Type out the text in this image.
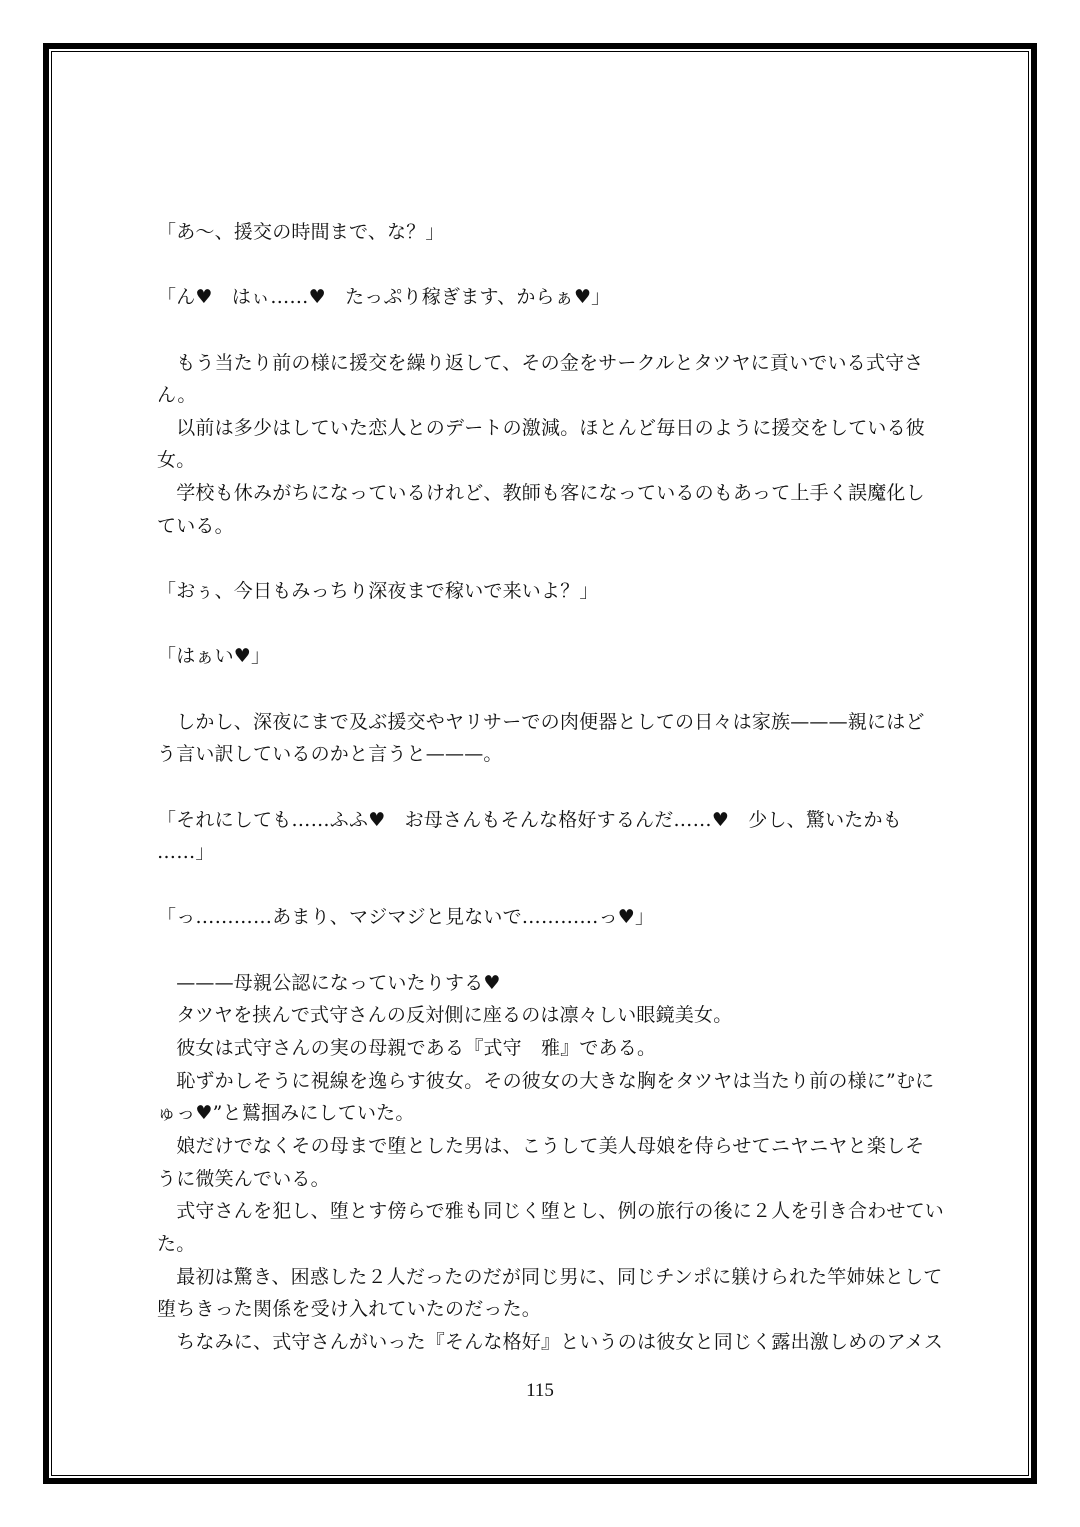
「あ〜、援交の時間まで、な？」
「ん♥　はぃ……♥　たっぷり稼ぎます、からぁ♥」
　もう当たり前の様に援交を繰り返して、その金をサークルとタツヤに貢いでいる式守さ
ん。
　以前は多少はしていた恋人とのデートの激減。ほとんど毎日のように援交をしている彼
女。
　学校も休みがちになっているけれど、教師も客になっているのもあって上手く誤魔化し
ている。
「おぅ、今日もみっちり深夜まで稼いで来いよ？」
「はぁい♥」
　しかし、深夜にまで及ぶ援交やヤリサーでの肉便器としての日々は家族———親にはど
う言い訳しているのかと言うと———。
「それにしても……ふふ♥　お母さんもそんな格好するんだ……♥　少し、驚いたかも
……」
「っ…………あまり、マジマジと見ないで…………っ♥」
　———母親公認になっていたりする♥
　タツヤを挟んで式守さんの反対側に座るのは凛々しい眼鏡美女。
　彼女は式守さんの実の母親である『式守　雅』である。
　恥ずかしそうに視線を逸らす彼女。その彼女の大きな胸をタツヤは当たり前の様に”むに
ゅっ♥”と鷲掴みにしていた。
　娘だけでなくその母まで堕とした男は、こうして美人母娘を侍らせてニヤニヤと楽しそ
うに微笑んでいる。
　式守さんを犯し、堕とす傍らで雅も同じく堕とし、例の旅行の後に２人を引き合わせてい
た。
　最初は驚き、困惑した２人だったのだが同じ男に、同じチンポに躾けられた竿姉妹として
堕ちきった関係を受け入れていたのだった。
　ちなみに、式守さんがいった『そんな格好』というのは彼女と同じく露出激しめのアメス
115
